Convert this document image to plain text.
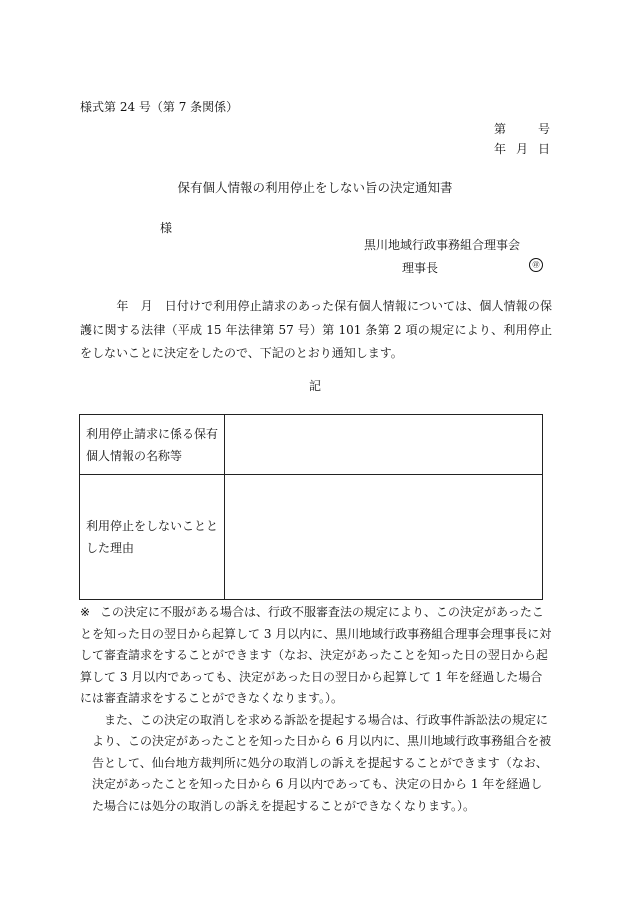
様式第 24 号（第 7 条関係）
第	号
年 月 日
保有個人情報の利用停止をしない旨の決定通知書
様
黒川地域行政事務組合理事会
理事長	㊞
　　　年　月　日付けで利用停止請求のあった保有個人情報については、個人情報の保護に関する法律（平成 15 年法律第 57 号）第 101 条第 2 項の規定により、利用停止をしないことに決定をしたので、下記のとおり通知します。
記
利用停止請求に係る保有個人情報の名称等	
利用停止をしないこととした理由	

※ この決定に不服がある場合は、行政不服審査法の規定により、この決定があったことを知った日の翌日から起算して 3 月以内に、黒川地域行政事務組合理事会理事長に対して審査請求をすることができます（なお、決定があったことを知った日の翌日から起算して 3 月以内であっても、決定があった日の翌日から起算して 1 年を経過した場合には審査請求をすることができなくなります。）。

　また、この決定の取消しを求める訴訟を提起する場合は、行政事件訴訟法の規定により、この決定があったことを知った日から 6 月以内に、黒川地域行政事務組合を被告として、仙台地方裁判所に処分の取消しの訴えを提起することができます（なお、決定があったことを知った日から 6 月以内であっても、決定の日から 1 年を経過した場合には処分の取消しの訴えを提起することができなくなります。）。
